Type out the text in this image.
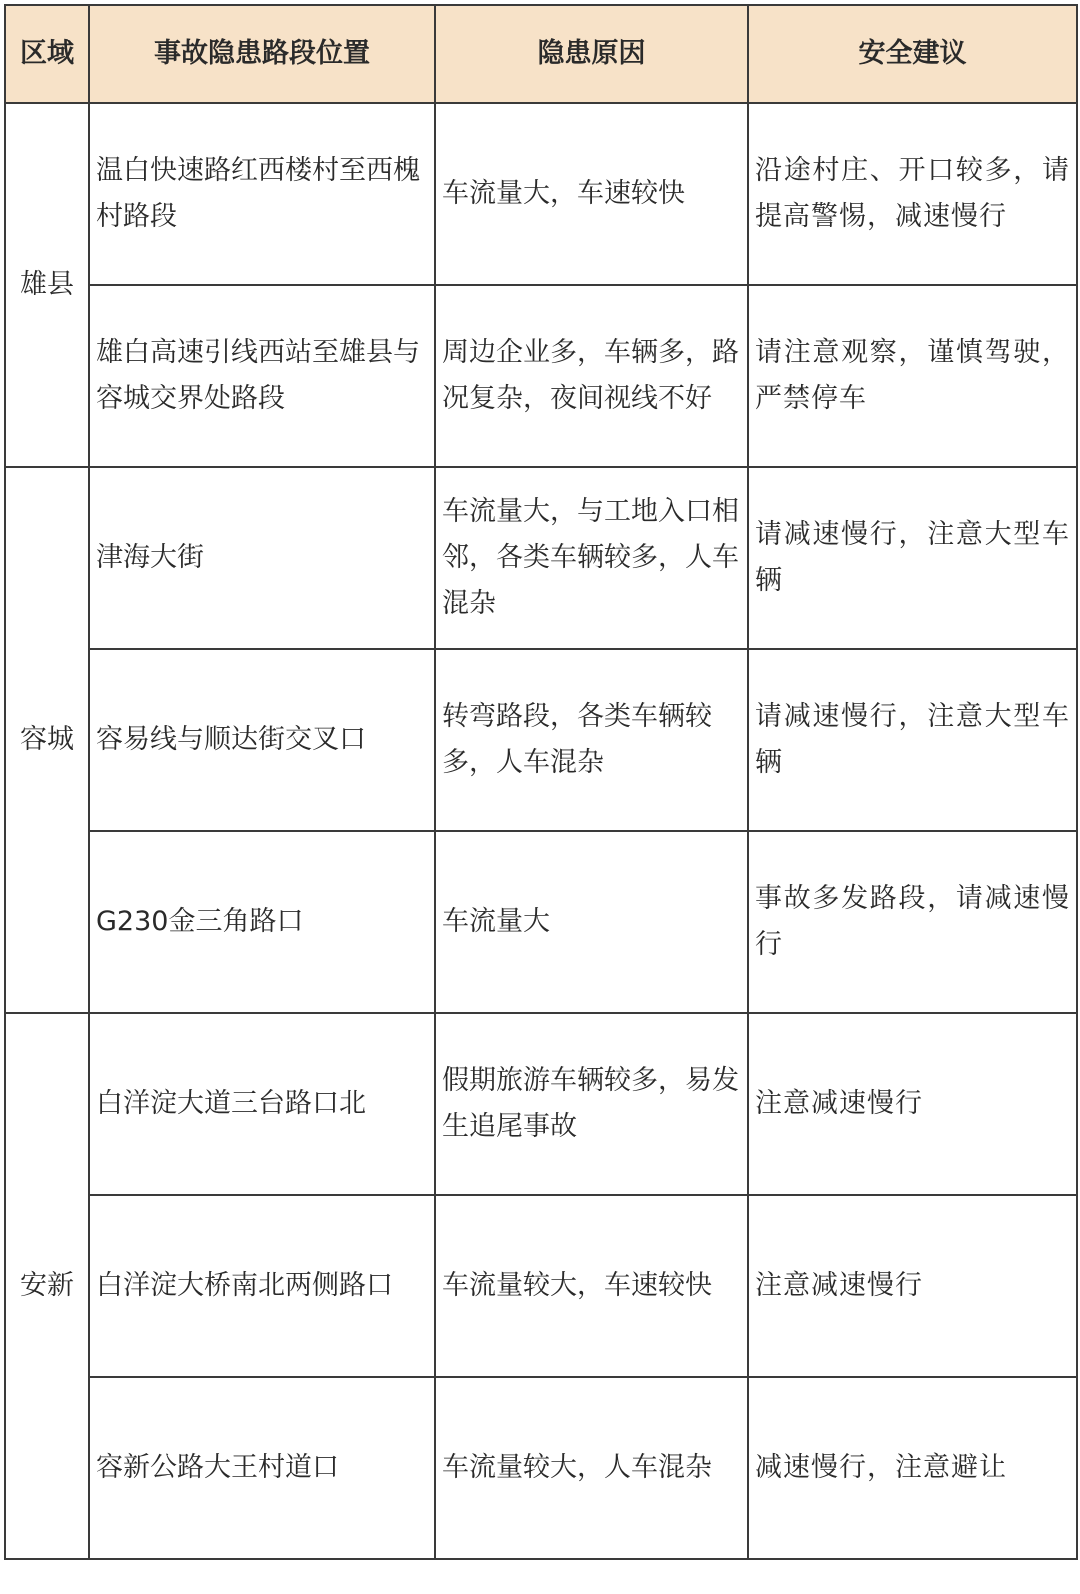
区域	事故隐患路段位置	隐患原因	安全建议
雄县	温白快速路红西楼村至西槐村路段	车流量大，车速较快	沿途村庄、开口较多，请提高警惕，减速慢行
	雄白高速引线西站至雄县与容城交界处路段	周边企业多，车辆多，路况复杂，夜间视线不好	请注意观察，谨慎驾驶，严禁停车
容城	津海大街	车流量大，与工地入口相邻，各类车辆较多，人车混杂	请减速慢行，注意大型车辆
	容易线与顺达街交叉口	转弯路段，各类车辆较多，人车混杂	请减速慢行，注意大型车辆
	G230金三角路口	车流量大	事故多发路段，请减速慢行
安新	白洋淀大道三台路口北	假期旅游车辆较多，易发生追尾事故	注意减速慢行
	白洋淀大桥南北两侧路口	车流量较大，车速较快	注意减速慢行
	容新公路大王村道口	车流量较大，人车混杂	减速慢行，注意避让
